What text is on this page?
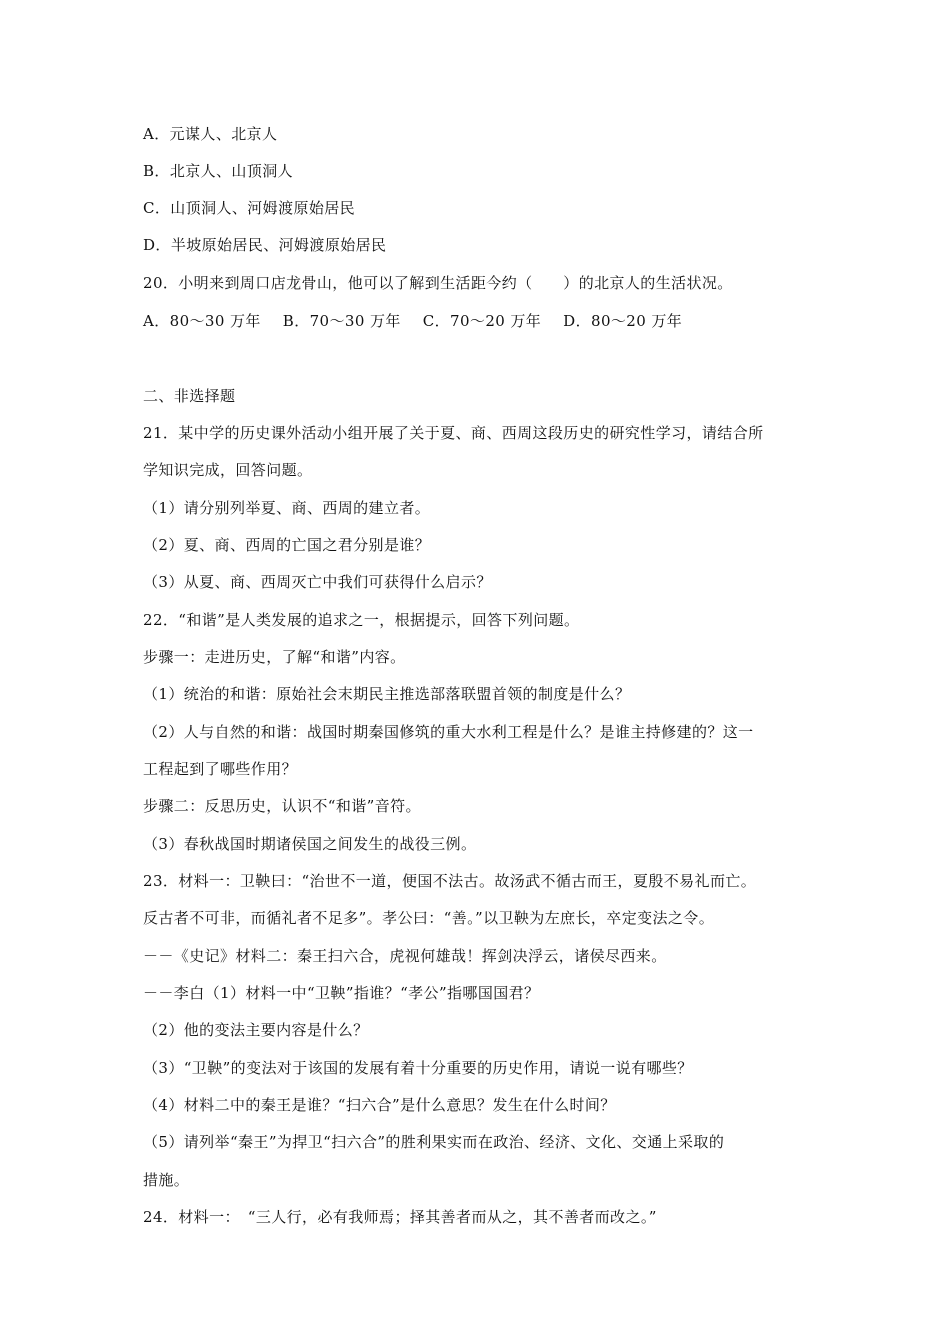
A．元谋人、北京人
B．北京人、山顶洞人
C．山顶洞人、河姆渡原始居民
D．半坡原始居民、河姆渡原始居民
20．小明来到周口店龙骨山，他可以了解到生活距今约（　　）的北京人的生活状况。
A．80～30 万年 B．70～30 万年 C．70～20 万年 D．80～20 万年
二、非选择题
21．某中学的历史课外活动小组开展了关于夏、商、西周这段历史的研究性学习，请结合所
学知识完成，回答问题。
（1）请分别列举夏、商、西周的建立者。
（2）夏、商、西周的亡国之君分别是谁？
（3）从夏、商、西周灭亡中我们可获得什么启示？
22．“和谐”是人类发展的追求之一，根据提示，回答下列问题。
步骤一：走进历史，了解“和谐”内容。
（1）统治的和谐：原始社会末期民主推选部落联盟首领的制度是什么？
（2）人与自然的和谐：战国时期秦国修筑的重大水利工程是什么？是谁主持修建的？这一
工程起到了哪些作用？
步骤二：反思历史，认识不“和谐”音符。
（3）春秋战国时期诸侯国之间发生的战役三例。
23．材料一：卫鞅曰：“治世不一道，便国不法古。故汤武不循古而王，夏殷不易礼而亡。
反古者不可非，而循礼者不足多”。孝公曰：“善。”以卫鞅为左庶长，卒定变法之令。
－－《史记》材料二：秦王扫六合，虎视何雄哉！挥剑决浮云，诸侯尽西来。
－－李白（1）材料一中“卫鞅”指谁？“孝公”指哪国国君？
（2）他的变法主要内容是什么？
（3）“卫鞅”的变法对于该国的发展有着十分重要的历史作用，请说一说有哪些？
（4）材料二中的秦王是谁？“扫六合”是什么意思？发生在什么时间？
（5）请列举“秦王”为捍卫“扫六合”的胜利果实而在政治、经济、文化、交通上采取的
措施。
24．材料一：　“三人行，必有我师焉；择其善者而从之，其不善者而改之。”
